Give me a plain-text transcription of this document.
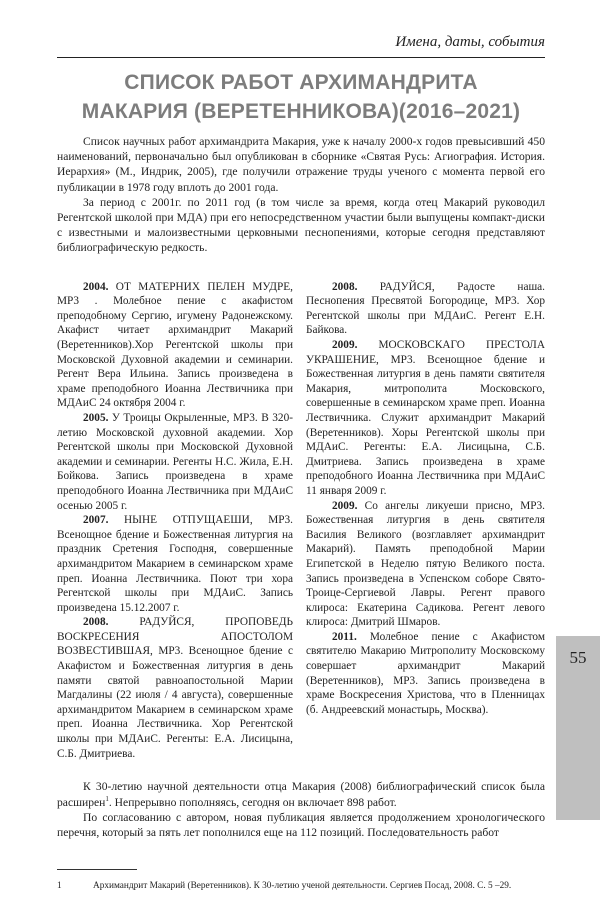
55
Имена, даты, события
СПИСОК РАБОТ АРХИМАНДРИТА
МАКАРИЯ (ВЕРЕТЕННИКОВА)(2016–2021)

Список научных работ архимандрита Макария, уже к началу 2000-х годов превысивший 450 наименований, первоначально был опубликован в сборнике «Святая Русь: Агиография. История. Иерархия» (М., Индрик, 2005), где получили отражение труды ученого с момента первой его публикации в 1978 году вплоть до 2001 года.

За период с 2001г. по 2011 год (в том числе за время, когда отец Макарий руководил Регентской школой при МДА) при его непосредственном участии были выпущены компакт-диски с известными и малоизвестными церковными песнопениями, которые сегодня представляют библиографическую редкость.

2004. ОТ МАТЕРНИХ ПЕЛЕН МУДРЕ, МР3 . Молебное пение с акафистом преподобному Сергию, игумену Радонежскому. Акафист читает архимандрит Макарий (Веретенников).Хор Регентской школы при Московской Духовной академии и семинарии. Регент Вера Ильина. Запись произведена в храме преподобного Иоанна Лествичника при МДАиС 24 октября 2004 г.

2005. У Троицы Окрыленные, МР3. В 320-летию Московской духовной академии. Хор Регентской школы при Московской Духовной академии и семинарии. Регенты Н.С. Жила, Е.Н. Бойкова. Запись произведена в храме преподобного Иоанна Лествичника при МДАиС осенью 2005 г.

2007. НЫНЕ ОТПУЩАЕШИ, МР3. Всенощное бдение и Божественная литургия на праздник Сретения Господня, совершенные архимандритом Макарием в семинарском храме преп. Иоанна Лествичника. Поют три хора Регентской школы при МДАиС. Запись произведена 15.12.2007 г.

2008. РАДУЙСЯ, ПРОПОВЕДЬ ВОСКРЕСЕНИЯ АПОСТОЛОМ ВОЗВЕСТИВШАЯ, МР3. Всенощное бдение с Акафистом и Божественная литургия в день памяти святой равноапостольной Марии Магдалины (22 июля / 4 августа), совершенные архимандритом Макарием в семинарском храме преп. Иоанна Лествичника. Хор Регентской школы при МДАиС. Регенты: Е.А. Лисицына, С.Б. Дмитриева.

2008. РАДУЙСЯ, Радосте наша. Песнопения Пресвятой Богородице, МР3. Хор Регентской школы при МДАиС. Регент Е.Н. Байкова.

2009. МОСКОВСКАГО ПРЕСТОЛА УКРАШЕНИЕ, МР3. Всенощное бдение и Божественная литургия в день памяти святителя Макария, митрополита Московского, совершенные в семинарском храме преп. Иоанна Лествичника. Служит архимандрит Макарий (Веретенников). Хоры Регентской школы при МДАиС. Регенты: Е.А. Лисицына, С.Б. Дмитриева. Запись произведена в храме преподобного Иоанна Лествичника при МДАиС 11 января 2009 г.

2009. Со ангелы ликуеши присно, МР3. Божественная литургия в день святителя Василия Великого (возглавляет архимандрит Макарий). Память преподобной Марии Египетской в Неделю пятую Великого поста. Запись произведена в Успенском соборе Свято-Троице-Сергиевой Лавры. Регент правого клироса: Екатерина Садикова. Регент левого клироса: Дмитрий Шмаров.

2011. Молебное пение с Акафистом святителю Макарию Митрополиту Московскому совершает архимандрит Макарий (Веретенников), МР3. Запись произведена в храме Воскресения Христова, что в Пленницах (б. Андреевский монастырь, Москва).

К 30-летию научной деятельности отца Макария (2008) библиографический список была расширен$^1$. Непрерывно пополняясь, сегодня он включает 898 работ.

По согласованию с автором, новая публикация является продолжением хронологического перечня, который за пять лет пополнился еще на 112 позиций. Последовательность работ

1	Архимандрит Макарий (Веретенников). К 30-летию ученой деятельности. Сергиев Посад, 2008. С. 5 –29.
